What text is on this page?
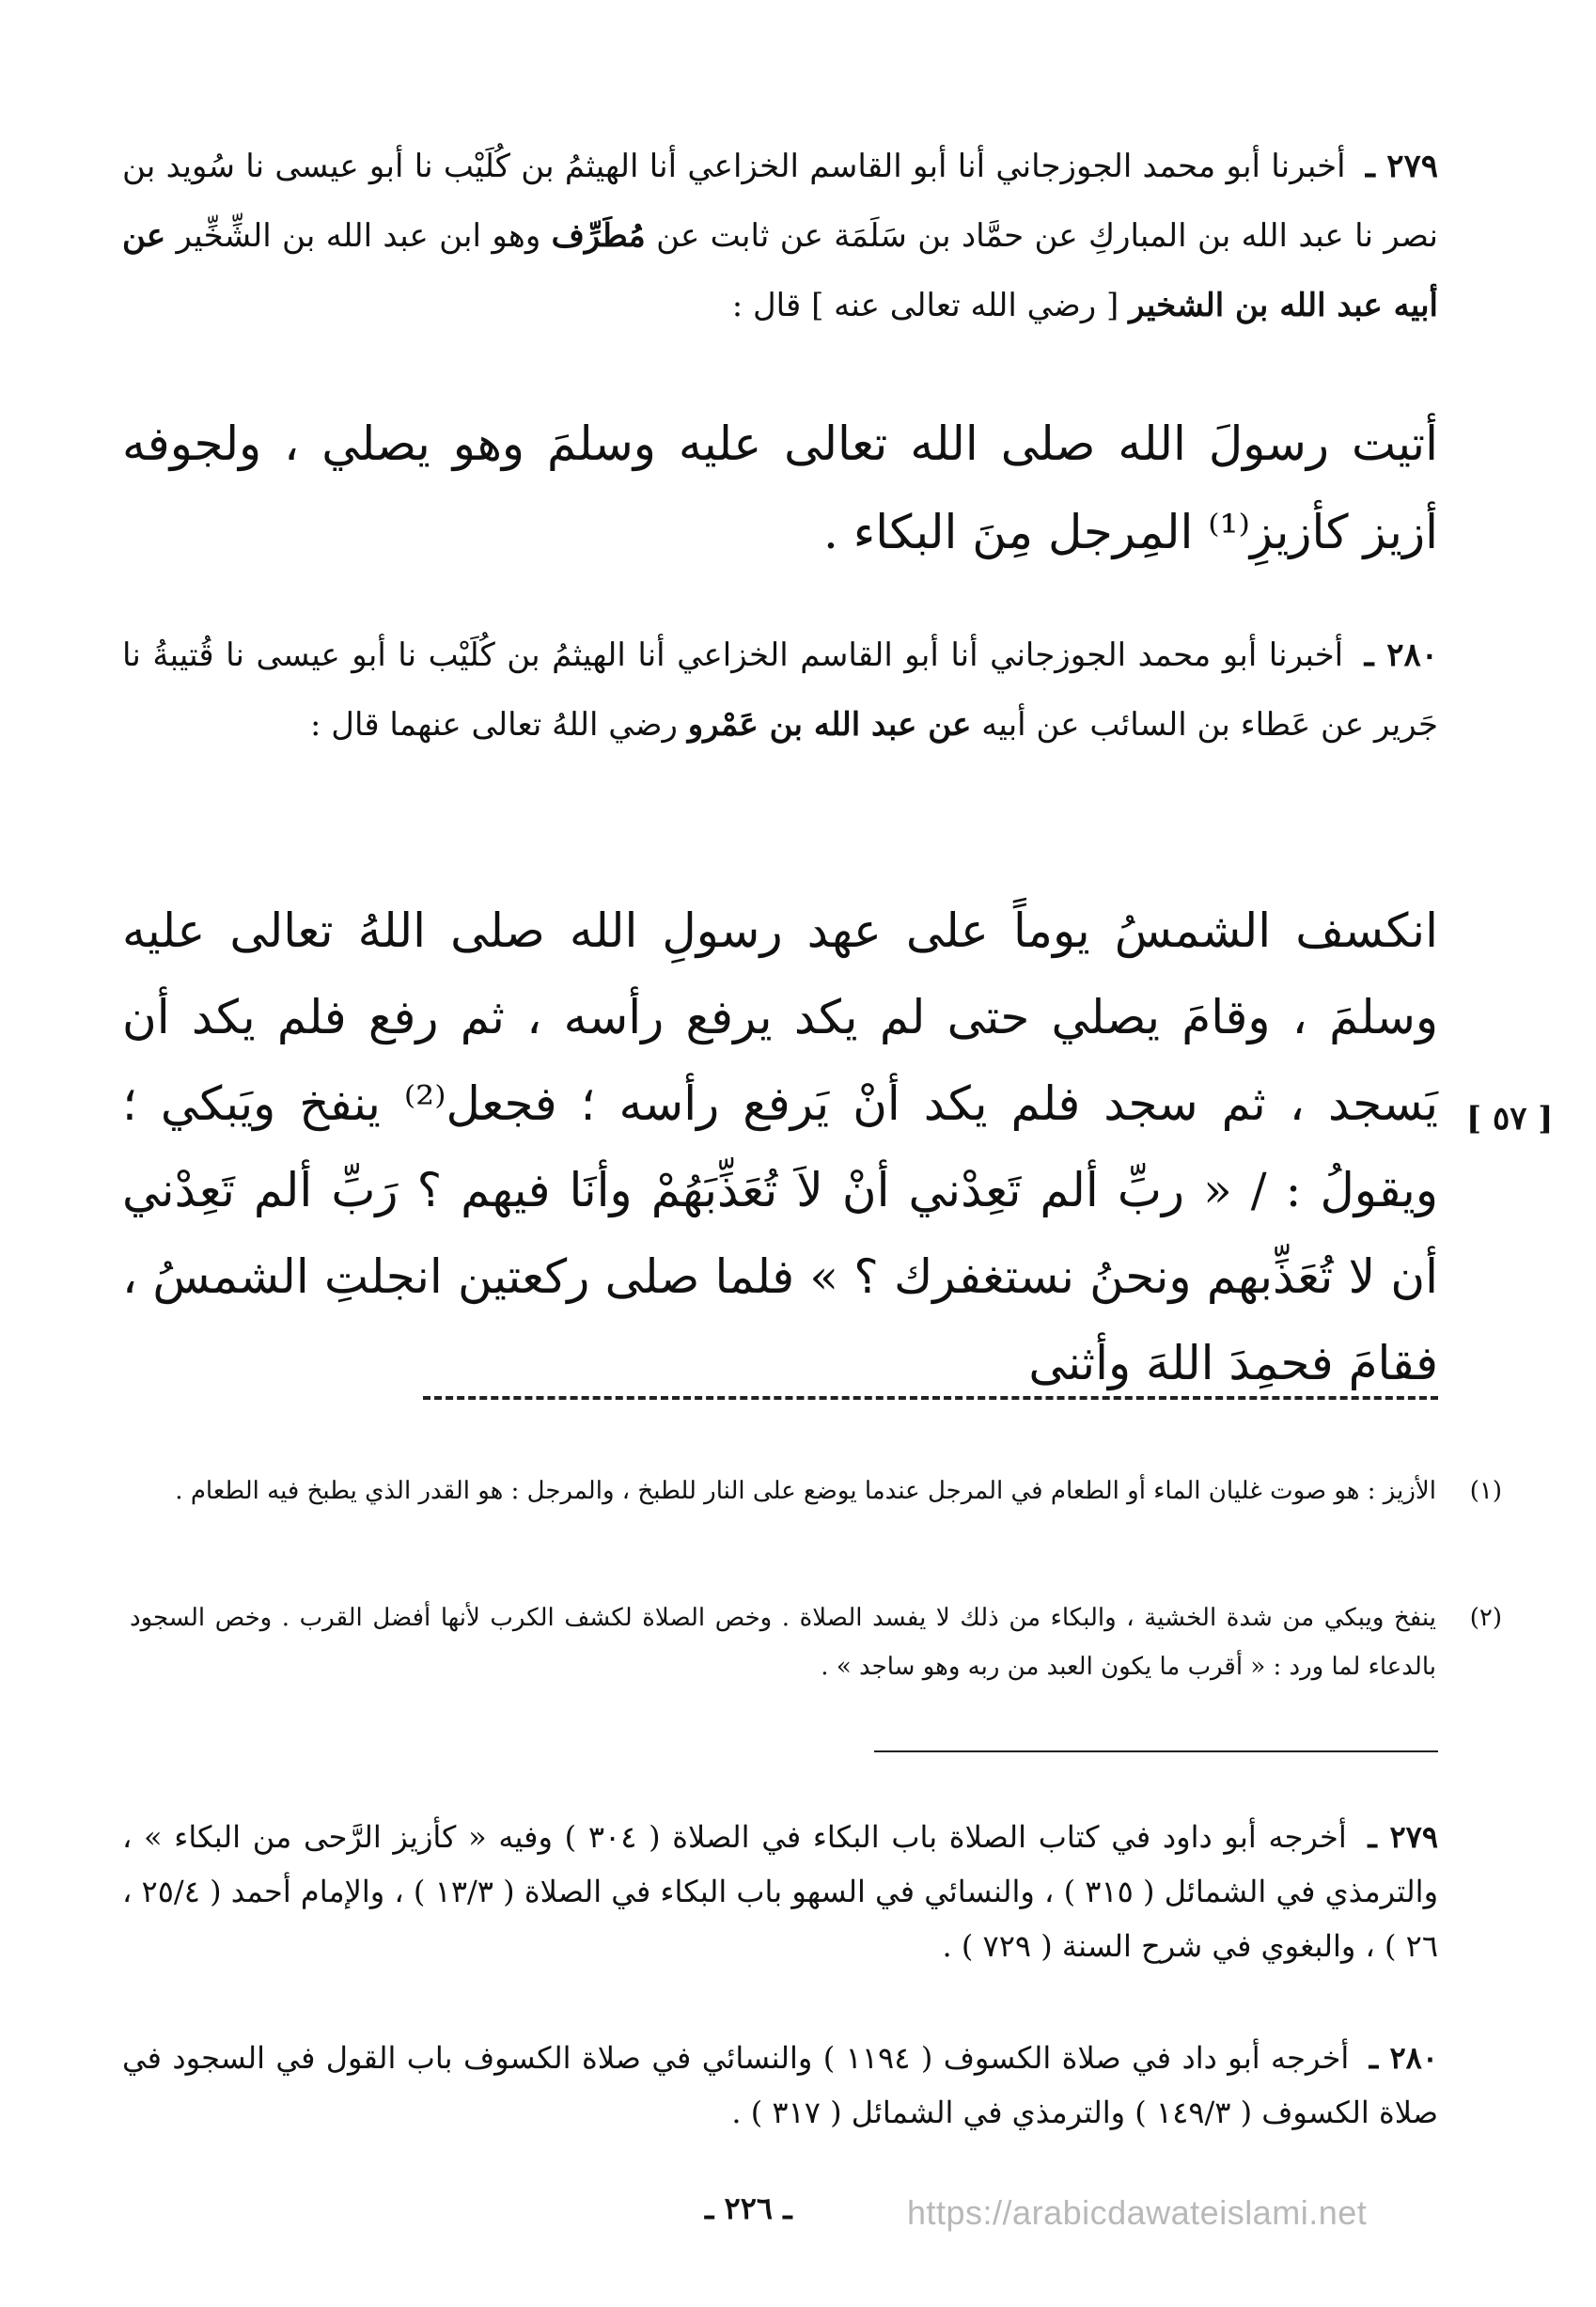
٢٧٩ ـ أخبرنا أبو محمد الجوزجاني أنا أبو القاسم الخزاعي أنا الهيثمُ بن كُلَيْب نا أبو عيسى نا سُويد بن نصر نا عبد الله بن المباركِ عن حمَّاد بن سَلَمَة عن ثابت عن مُطَرِّف وهو ابن عبد الله بن الشِّخِّير عن أبيه عبد الله بن الشخير [ رضي الله تعالى عنه ] قال :
أتيت رسولَ الله صلى الله تعالى عليه وسلمَ وهو يصلي ، ولجوفه أزيز كأزيزِ⁽¹⁾ المِرجل مِنَ البكاء .
٢٨٠ ـ أخبرنا أبو محمد الجوزجاني أنا أبو القاسم الخزاعي أنا الهيثمُ بن كُلَيْب نا أبو عيسى نا قُتيبةُ نا جَرير عن عَطاء بن السائب عن أبيه عن عبد الله بن عَمْرو رضي اللهُ تعالى عنهما قال :
انكسف الشمسُ يوماً على عهد رسولِ الله صلى اللهُ تعالى عليه وسلمَ ، وقامَ يصلي حتى لم يكد يرفع رأسه ، ثم رفع فلم يكد أن يَسجد ، ثم سجد فلم يكد أنْ يَرفع رأسه ؛ فجعل⁽²⁾ ينفخ ويَبكي ؛ ويقولُ : / « ربِّ ألم تَعِدْني أنْ لاَ تُعَذِّبَهُمْ وأنَا فيهم ؟ رَبِّ ألم تَعِدْني أن لا تُعَذِّبهم ونحنُ نستغفرك ؟ » فلما صلى ركعتين انجلتِ الشمسُ ، فقامَ فحمِدَ اللهَ وأثنى
[ ٥٧ ]
(١)
الأزيز : هو صوت غليان الماء أو الطعام في المرجل عندما يوضع على النار للطبخ ، والمرجل : هو القدر الذي يطبخ فيه الطعام .
(٢)
ينفخ ويبكي من شدة الخشية ، والبكاء من ذلك لا يفسد الصلاة . وخص الصلاة لكشف الكرب لأنها أفضل القرب . وخص السجود بالدعاء لما ورد : « أقرب ما يكون العبد من ربه وهو ساجد » .
٢٧٩ ـ أخرجه أبو داود في كتاب الصلاة باب البكاء في الصلاة ( ٣٠٤ ) وفيه « كأزيز الرَّحى من البكاء » ، والترمذي في الشمائل ( ٣١٥ ) ، والنسائي في السهو باب البكاء في الصلاة ( ١٣/٣ ) ، والإمام أحمد ( ٢٥/٤ ، ٢٦ ) ، والبغوي في شرح السنة ( ٧٢٩ ) .
٢٨٠ ـ أخرجه أبو داد في صلاة الكسوف ( ١١٩٤ ) والنسائي في صلاة الكسوف باب القول في السجود في صلاة الكسوف ( ١٤٩/٣ ) والترمذي في الشمائل ( ٣١٧ ) .
ـ ٢٢٦ ـ	https://arabicdawateislami.net
